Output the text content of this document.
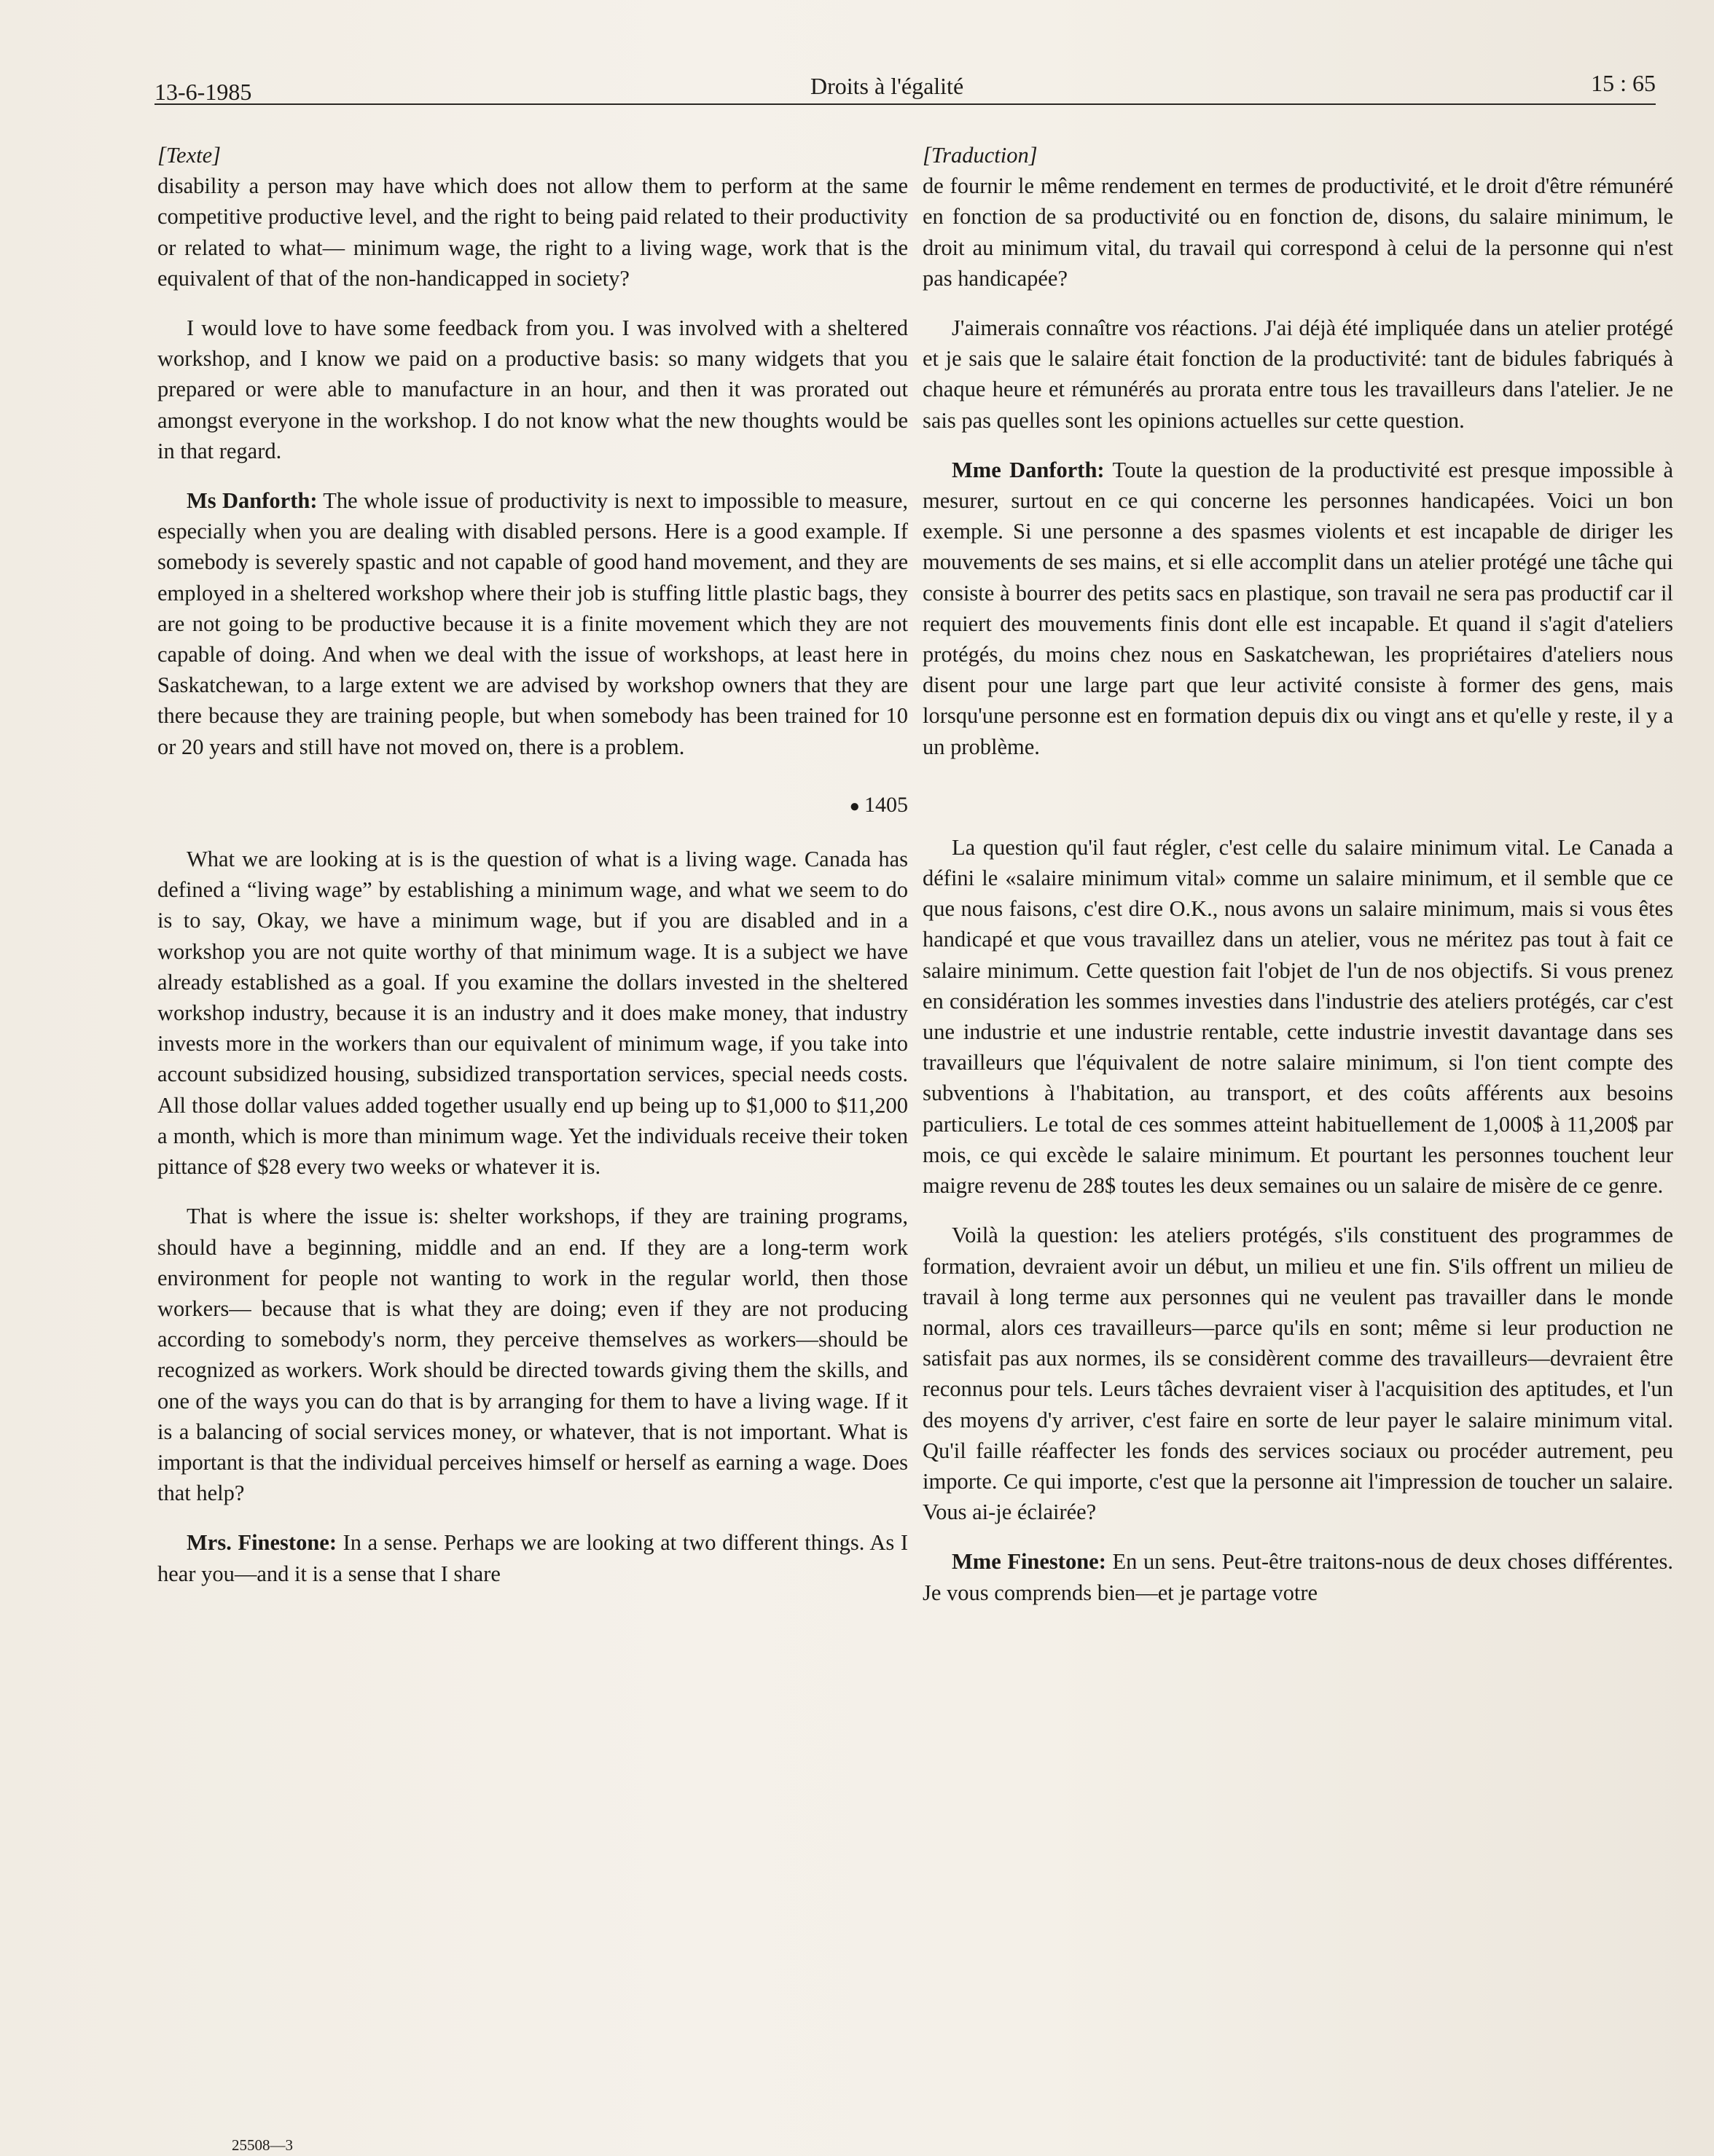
13-6-1985	Droits à l'égalité	15 : 65

[Texte]

disability a person may have which does not allow them to perform at the same competitive productive level, and the right to being paid related to their productivity or related to what— minimum wage, the right to a living wage, work that is the equivalent of that of the non-handicapped in society?

I would love to have some feedback from you. I was involved with a sheltered workshop, and I know we paid on a productive basis: so many widgets that you prepared or were able to manufacture in an hour, and then it was prorated out amongst everyone in the workshop. I do not know what the new thoughts would be in that regard.

Ms Danforth: The whole issue of productivity is next to impossible to measure, especially when you are dealing with disabled persons. Here is a good example. If somebody is severely spastic and not capable of good hand movement, and they are employed in a sheltered workshop where their job is stuffing little plastic bags, they are not going to be productive because it is a finite movement which they are not capable of doing. And when we deal with the issue of workshops, at least here in Saskatchewan, to a large extent we are advised by workshop owners that they are there because they are training people, but when somebody has been trained for 10 or 20 years and still have not moved on, there is a problem.

● 1405

What we are looking at is is the question of what is a living wage. Canada has defined a “living wage” by establishing a minimum wage, and what we seem to do is to say, Okay, we have a minimum wage, but if you are disabled and in a workshop you are not quite worthy of that minimum wage. It is a subject we have already established as a goal. If you examine the dollars invested in the sheltered workshop industry, because it is an industry and it does make money, that industry invests more in the workers than our equivalent of minimum wage, if you take into account subsidized housing, subsidized transportation services, special needs costs. All those dollar values added together usually end up being up to $1,000 to $11,200 a month, which is more than minimum wage. Yet the individuals receive their token pittance of $28 every two weeks or whatever it is.

That is where the issue is: shelter workshops, if they are training programs, should have a beginning, middle and an end. If they are a long-term work environment for people not wanting to work in the regular world, then those workers— because that is what they are doing; even if they are not producing according to somebody's norm, they perceive themselves as workers—should be recognized as workers. Work should be directed towards giving them the skills, and one of the ways you can do that is by arranging for them to have a living wage. If it is a balancing of social services money, or whatever, that is not important. What is important is that the individual perceives himself or herself as earning a wage. Does that help?

Mrs. Finestone: In a sense. Perhaps we are looking at two different things. As I hear you—and it is a sense that I share

[Traduction]

de fournir le même rendement en termes de productivité, et le droit d'être rémunéré en fonction de sa productivité ou en fonction de, disons, du salaire minimum, le droit au minimum vital, du travail qui correspond à celui de la personne qui n'est pas handicapée?

J'aimerais connaître vos réactions. J'ai déjà été impliquée dans un atelier protégé et je sais que le salaire était fonction de la productivité: tant de bidules fabriqués à chaque heure et rémunérés au prorata entre tous les travailleurs dans l'atelier. Je ne sais pas quelles sont les opinions actuelles sur cette question.

Mme Danforth: Toute la question de la productivité est presque impossible à mesurer, surtout en ce qui concerne les personnes handicapées. Voici un bon exemple. Si une personne a des spasmes violents et est incapable de diriger les mouvements de ses mains, et si elle accomplit dans un atelier protégé une tâche qui consiste à bourrer des petits sacs en plastique, son travail ne sera pas productif car il requiert des mouvements finis dont elle est incapable. Et quand il s'agit d'ateliers protégés, du moins chez nous en Saskatchewan, les propriétaires d'ateliers nous disent pour une large part que leur activité consiste à former des gens, mais lorsqu'une personne est en formation depuis dix ou vingt ans et qu'elle y reste, il y a un problème.

La question qu'il faut régler, c'est celle du salaire minimum vital. Le Canada a défini le «salaire minimum vital» comme un salaire minimum, et il semble que ce que nous faisons, c'est dire O.K., nous avons un salaire minimum, mais si vous êtes handicapé et que vous travaillez dans un atelier, vous ne méritez pas tout à fait ce salaire minimum. Cette question fait l'objet de l'un de nos objectifs. Si vous prenez en considération les sommes investies dans l'industrie des ateliers protégés, car c'est une industrie et une industrie rentable, cette industrie investit davantage dans ses travailleurs que l'équivalent de notre salaire minimum, si l'on tient compte des subventions à l'habitation, au transport, et des coûts afférents aux besoins particuliers. Le total de ces sommes atteint habituellement de 1,000$ à 11,200$ par mois, ce qui excède le salaire minimum. Et pourtant les personnes touchent leur maigre revenu de 28$ toutes les deux semaines ou un salaire de misère de ce genre.

Voilà la question: les ateliers protégés, s'ils constituent des programmes de formation, devraient avoir un début, un milieu et une fin. S'ils offrent un milieu de travail à long terme aux personnes qui ne veulent pas travailler dans le monde normal, alors ces travailleurs—parce qu'ils en sont; même si leur production ne satisfait pas aux normes, ils se considèrent comme des travailleurs—devraient être reconnus pour tels. Leurs tâches devraient viser à l'acquisition des aptitudes, et l'un des moyens d'y arriver, c'est faire en sorte de leur payer le salaire minimum vital. Qu'il faille réaffecter les fonds des services sociaux ou procéder autrement, peu importe. Ce qui importe, c'est que la personne ait l'impression de toucher un salaire. Vous ai-je éclairée?

Mme Finestone: En un sens. Peut-être traitons-nous de deux choses différentes. Je vous comprends bien—et je partage votre

25508—3
